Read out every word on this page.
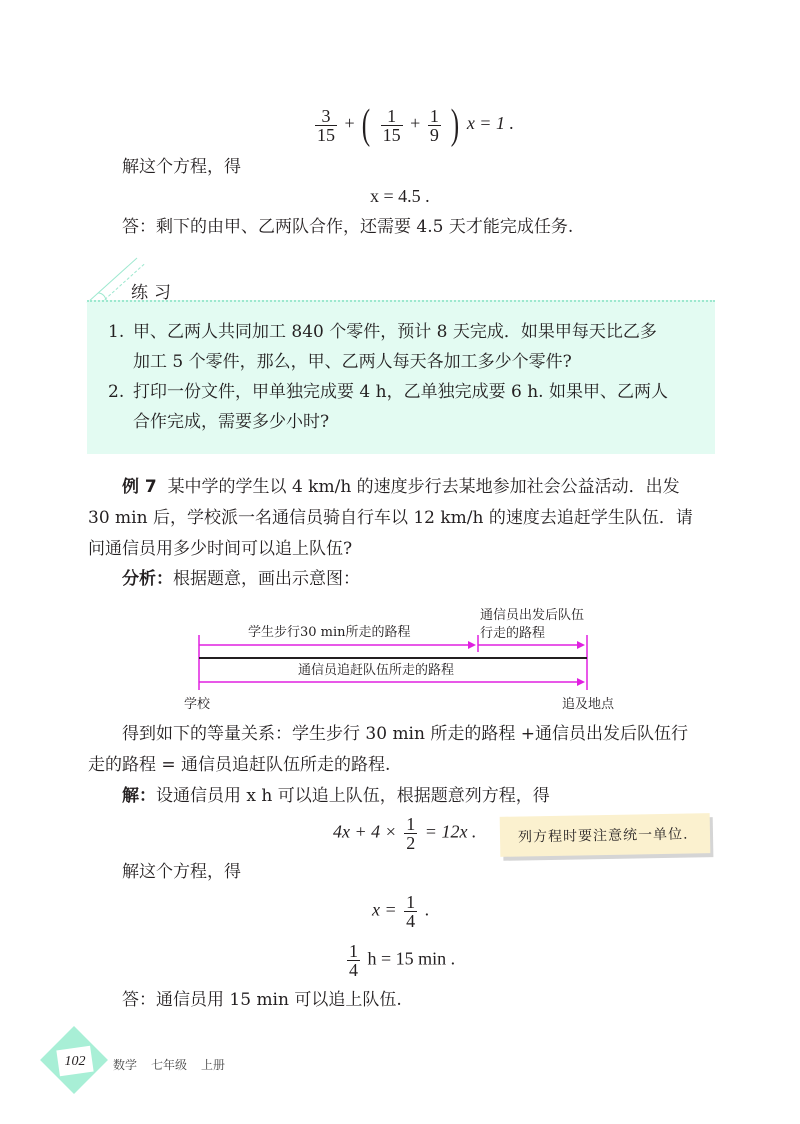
$\frac{3}{15}$ + ( $\frac{1}{15} + \frac{1}{9}$ ) x = 1 .
解这个方程，得
x = 4.5 .
答：剩下的由甲、乙两队合作，还需要 4.5 天才能完成任务.
练习
1. 甲、乙两人共同加工 840 个零件，预计 8 天完成．如果甲每天比乙多
加工 5 个零件，那么，甲、乙两人每天各加工多少个零件?
2. 打印一份文件，甲单独完成要 4 h，乙单独完成要 6 h. 如果甲、乙两人
合作完成，需要多少小时?
例 7 某中学的学生以 4 km/h 的速度步行去某地参加社会公益活动．出发
30 min 后，学校派一名通信员骑自行车以 12 km/h 的速度去追赶学生队伍．请
问通信员用多少时间可以追上队伍?
分析：根据题意，画出示意图：
学生步行30 min所走的路程
通信员出发后队伍
行走的路程
通信员追赶队伍所走的路程
学校	追及地点
得到如下的等量关系：学生步行 30 min 所走的路程 +通信员出发后队伍行
走的路程 = 通信员追赶队伍所走的路程.
解：设通信员用 x h 可以追上队伍，根据题意列方程，得
$4x + 4 \times \frac{1}{2} = 12x$ .	列方程时要注意统一单位.
解这个方程，得
$x = \frac{1}{4}$ .
$\frac{1}{4}$ h = 15 min .
答：通信员用 15 min 可以追上队伍.
102	数学 七年级 上册
